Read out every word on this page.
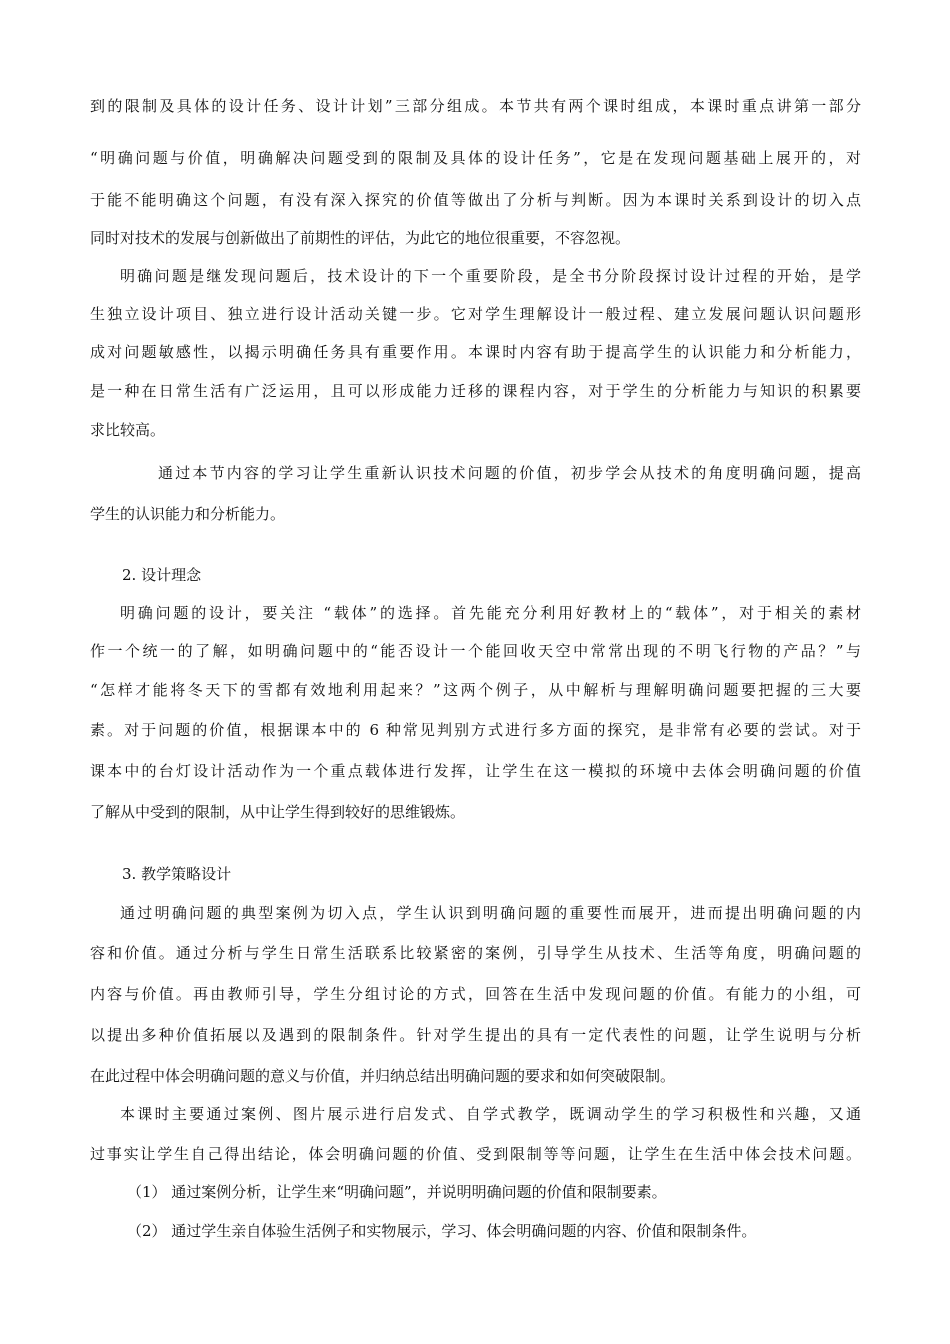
到的限制及具体的设计任务、设计计划”三部分组成。本节共有两个课时组成，本课时重点讲第一部分

“明确问题与价值，明确解决问题受到的限制及具体的设计任务”，它是在发现问题基础上展开的，对

于能不能明确这个问题，有没有深入探究的价值等做出了分析与判断。因为本课时关系到设计的切入点

同时对技术的发展与创新做出了前期性的评估，为此它的地位很重要，不容忽视。

明确问题是继发现问题后，技术设计的下一个重要阶段，是全书分阶段探讨设计过程的开始，是学

生独立设计项目、独立进行设计活动关键一步。它对学生理解设计一般过程、建立发展问题认识问题形

成对问题敏感性，以揭示明确任务具有重要作用。本课时内容有助于提高学生的认识能力和分析能力，

是一种在日常生活有广泛运用，且可以形成能力迁移的课程内容，对于学生的分析能力与知识的积累要

求比较高。

通过本节内容的学习让学生重新认识技术问题的价值，初步学会从技术的角度明确问题，提高

学生的认识能力和分析能力。

2. 设计理念

明确问题的设计，要关注 “载体”的选择。首先能充分利用好教材上的“载体”，对于相关的素材

作一个统一的了解，如明确问题中的“能否设计一个能回收天空中常常出现的不明飞行物的产品？”与

“怎样才能将冬天下的雪都有效地利用起来？”这两个例子，从中解析与理解明确问题要把握的三大要

素。对于问题的价值，根据课本中的 6 种常见判别方式进行多方面的探究，是非常有必要的尝试。对于

课本中的台灯设计活动作为一个重点载体进行发挥，让学生在这一模拟的环境中去体会明确问题的价值

了解从中受到的限制，从中让学生得到较好的思维锻炼。

3. 教学策略设计

通过明确问题的典型案例为切入点，学生认识到明确问题的重要性而展开，进而提出明确问题的内

容和价值。通过分析与学生日常生活联系比较紧密的案例，引导学生从技术、生活等角度，明确问题的

内容与价值。再由教师引导，学生分组讨论的方式，回答在生活中发现问题的价值。有能力的小组，可

以提出多种价值拓展以及遇到的限制条件。针对学生提出的具有一定代表性的问题，让学生说明与分析

在此过程中体会明确问题的意义与价值，并归纳总结出明确问题的要求和如何突破限制。

本课时主要通过案例、图片展示进行启发式、自学式教学，既调动学生的学习积极性和兴趣，又通

过事实让学生自己得出结论，体会明确问题的价值、受到限制等等问题，让学生在生活中体会技术问题。

（1） 通过案例分析，让学生来“明确问题”，并说明明确问题的价值和限制要素。

（2） 通过学生亲自体验生活例子和实物展示，学习、体会明确问题的内容、价值和限制条件。
